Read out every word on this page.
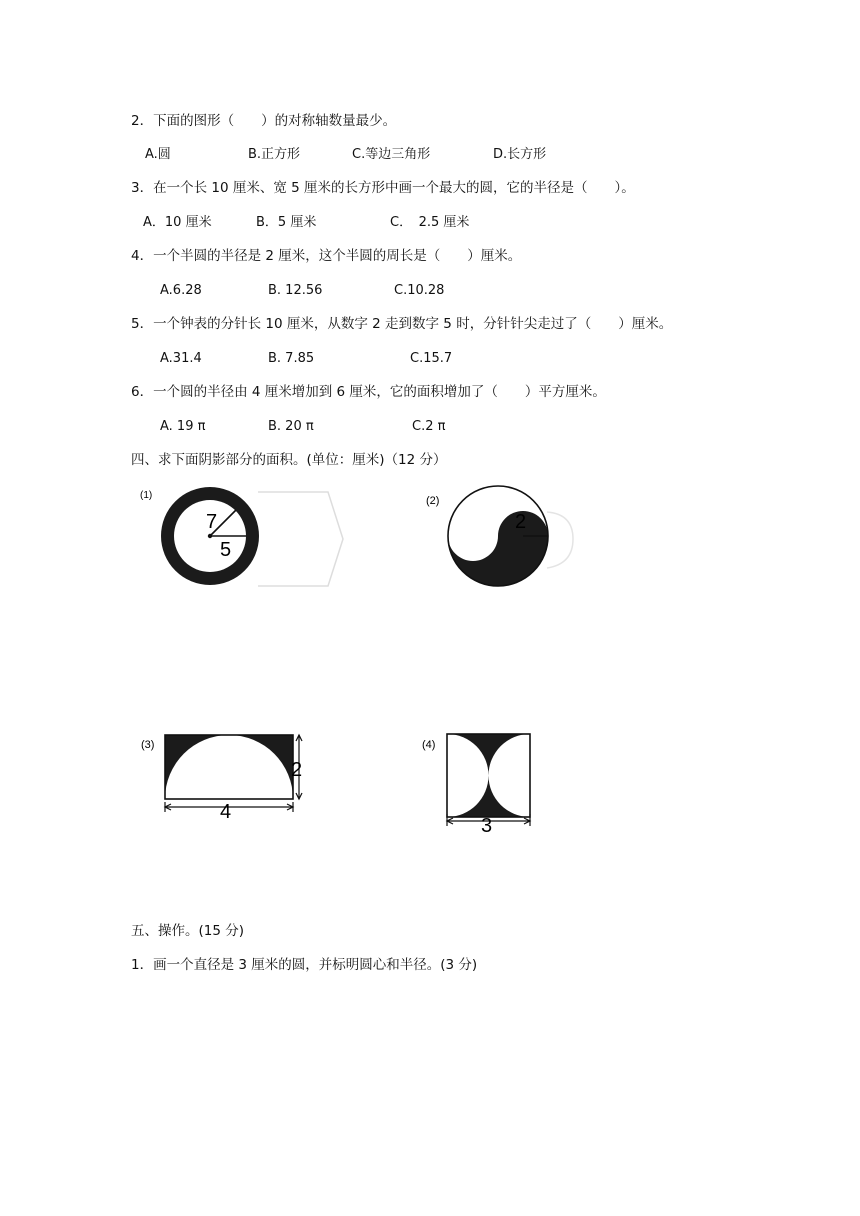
2．下面的图形（　　）的对称轴数量最少。
A.圆	B.正方形	C.等边三角形	D.长方形
3．在一个长 10 厘米、宽 5 厘米的长方形中画一个最大的圆，它的半径是（　　）。
A．10 厘米	B．5 厘米	C．　2.5 厘米
4．一个半圆的半径是 2 厘米，这个半圆的周长是（　　）厘米。
A.6.28	B. 12.56	C.10.28
5．一个钟表的分针长 10 厘米，从数字 2 走到数字 5 时，分针针尖走过了（　　）厘米。
A.31.4	B. 7.85	C.15.7
6．一个圆的半径由 4 厘米增加到 6 厘米，它的面积增加了（　　）平方厘米。
A. 19 π	B. 20 π	C.2 π
四、求下面阴影部分的面积。(单位：厘米)（12 分）
(1)
7
5
(2)
2
(3)
2
4
(4)
3
五、操作。(15 分)
1．画一个直径是 3 厘米的圆，并标明圆心和半径。(3 分)
